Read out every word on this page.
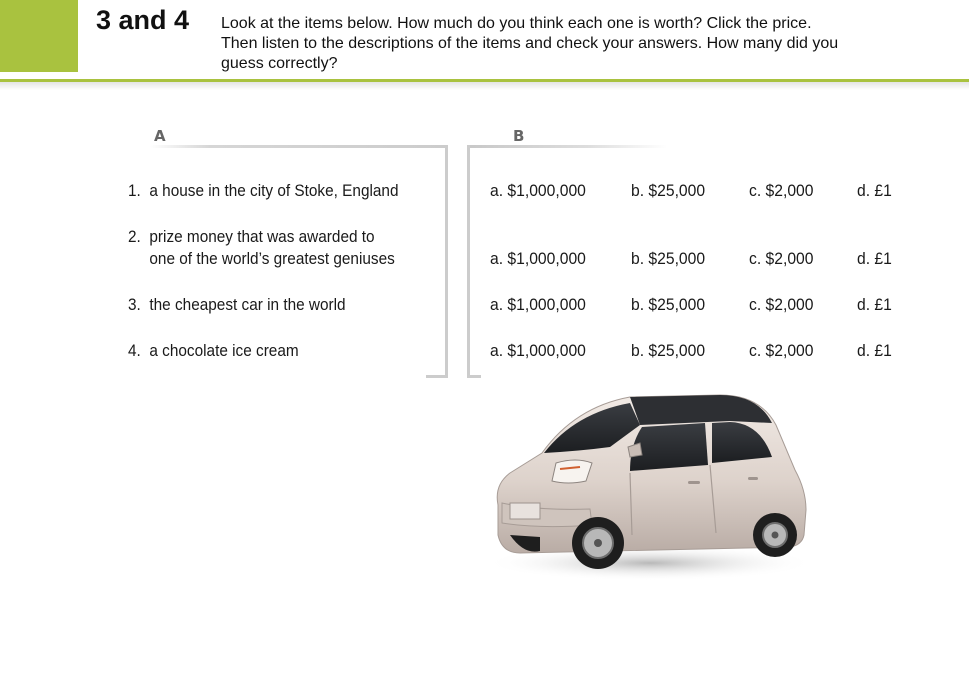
3 and 4 Look at the items below. How much do you think each one is worth? Click the price.
Then listen to the descriptions of the items and check your answers. How many did you
guess correctly?
A	B
1. a house in the city of Stoke, England	a. $1,000,000	b. $25,000	c. $2,000	d. £1
2. prize money that was awarded to
one of the world’s greatest geniuses	a. $1,000,000	b. $25,000	c. $2,000	d. £1
3. the cheapest car in the world	a. $1,000,000	b. $25,000	c. $2,000	d. £1
4. a chocolate ice cream	a. $1,000,000	b. $25,000	c. $2,000	d. £1
